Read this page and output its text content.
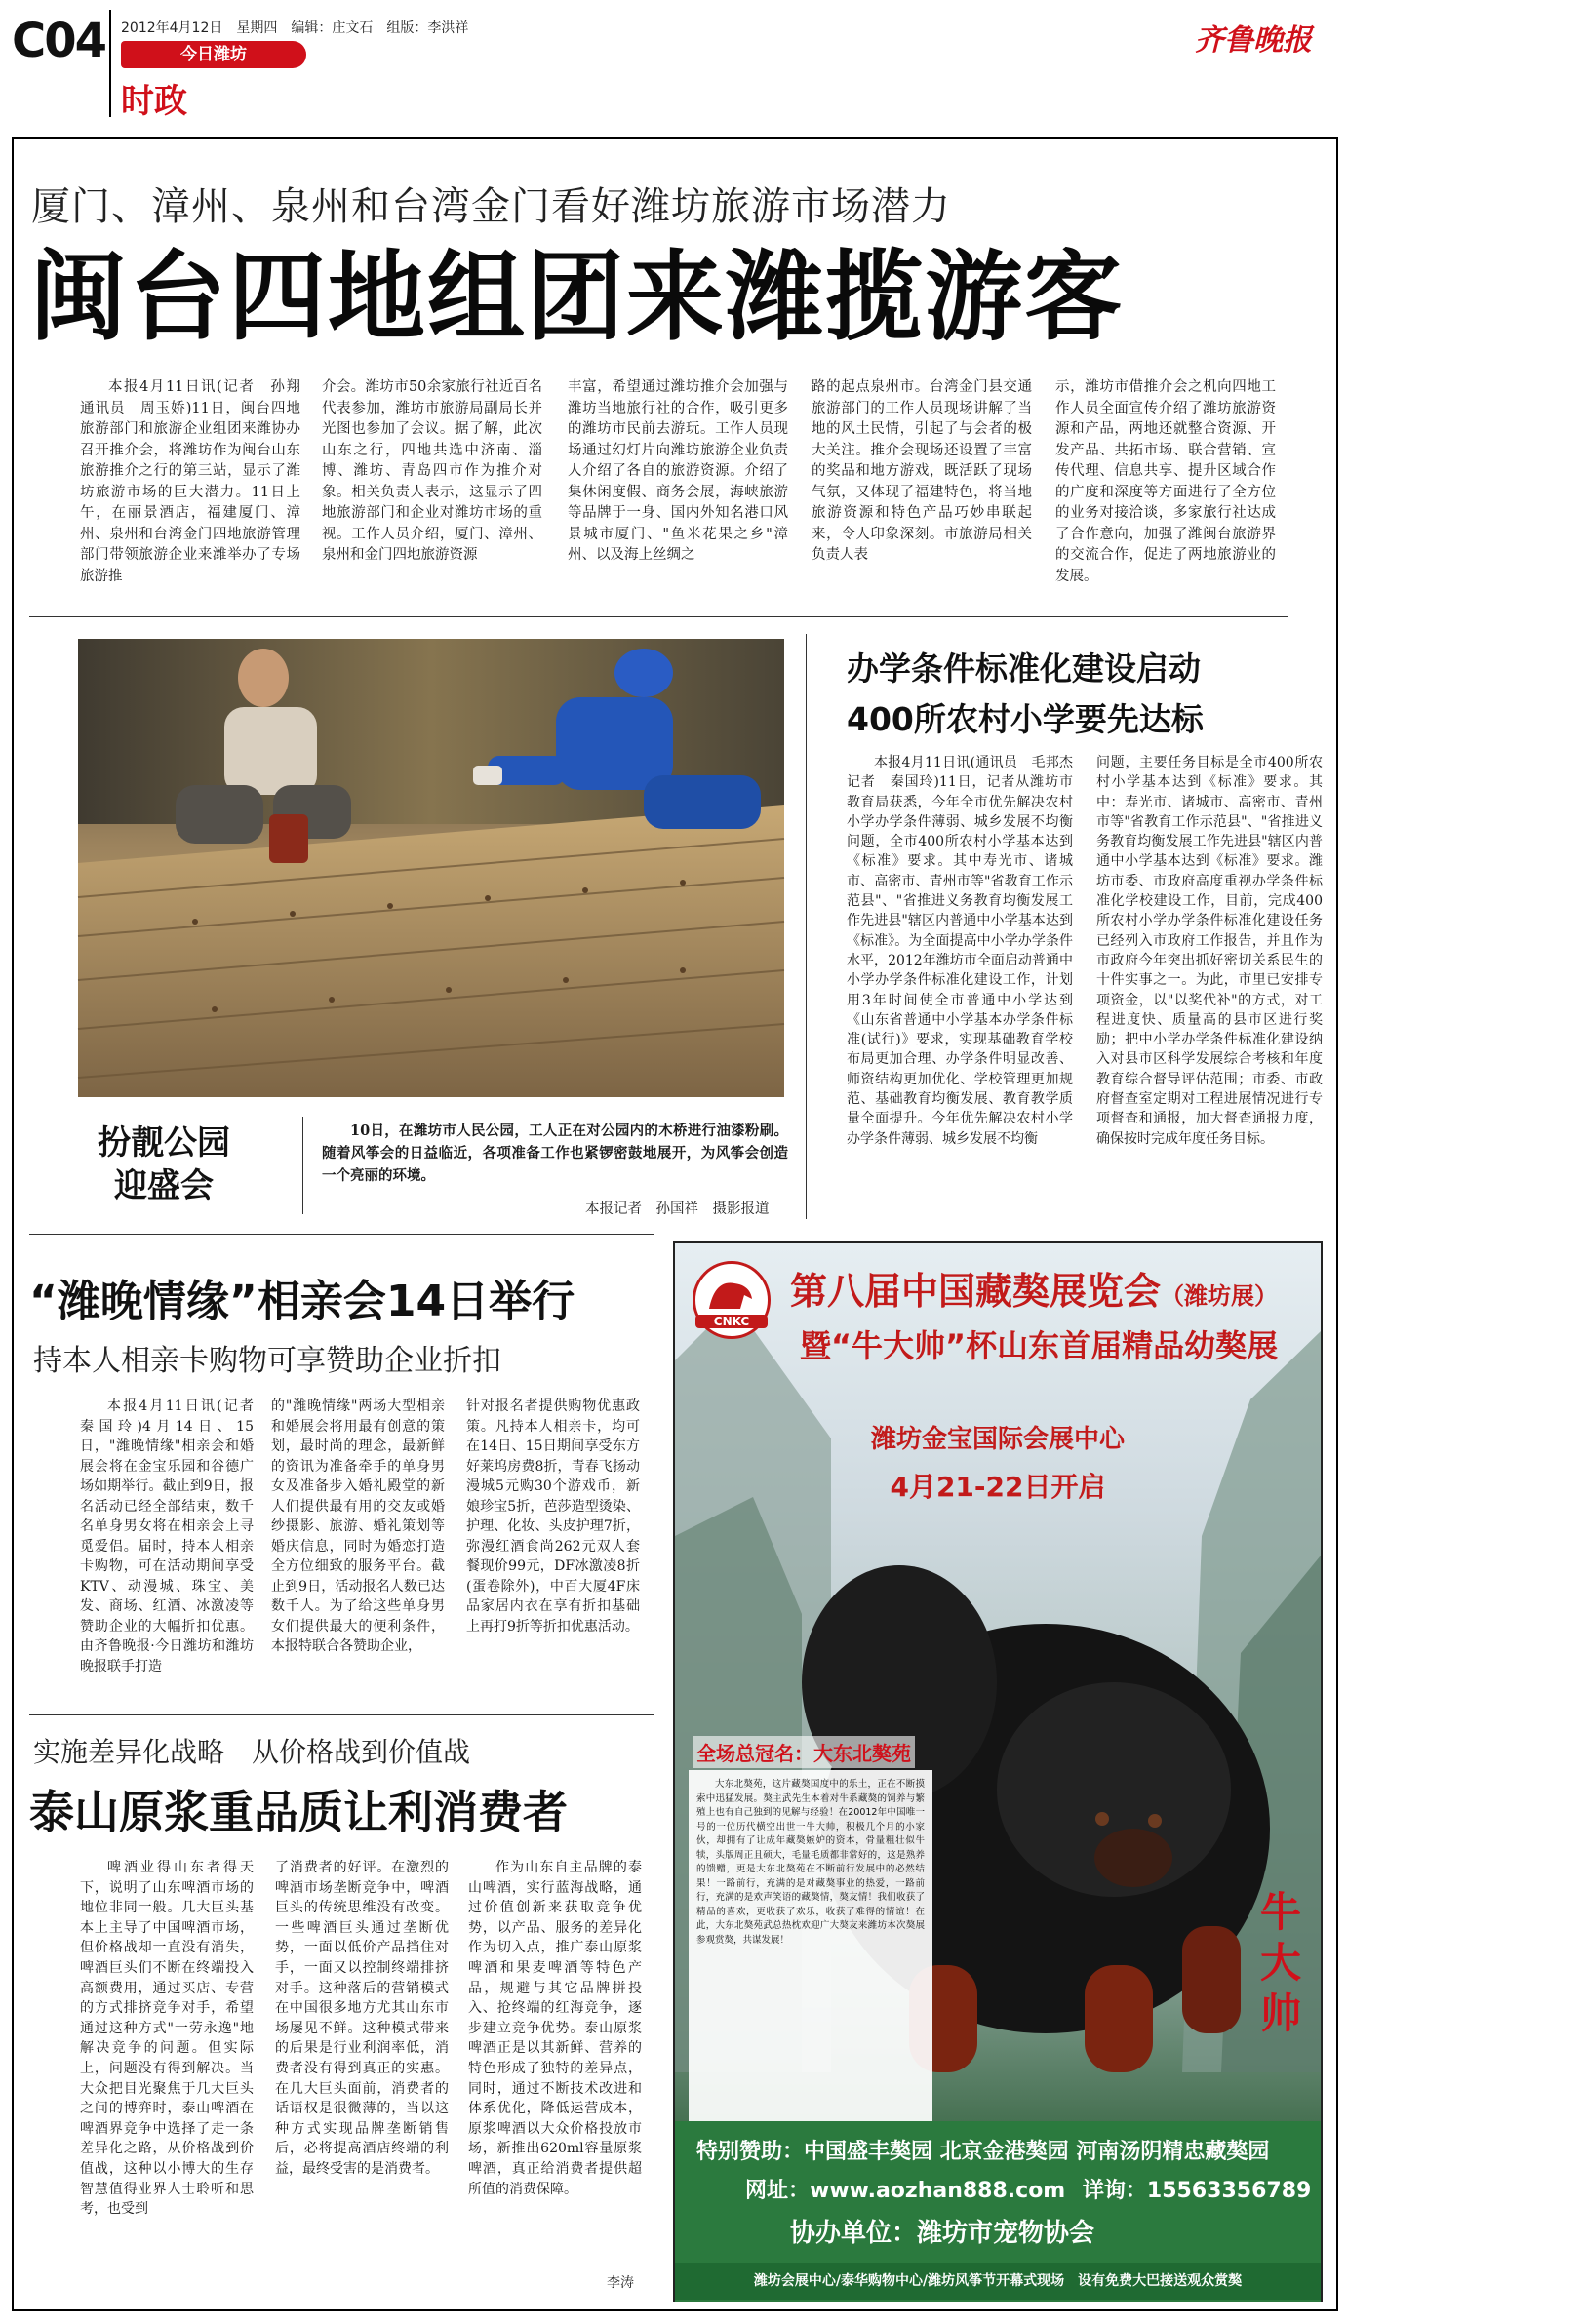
C04 2012年4月12日　星期四　编辑：庄文石　组版：李洪祥
今日潍坊
时政
齐鲁晚报
厦门、漳州、泉州和台湾金门看好潍坊旅游市场潜力
闽台四地组团来潍揽游客
本报4月11日讯(记者　孙翔　通讯员　周玉娇)11日，闽台四地旅游部门和旅游企业组团来潍协办召开推介会，将潍坊作为闽台山东旅游推介之行的第三站，显示了潍坊旅游市场的巨大潜力。11日上午，在丽景酒店，福建厦门、漳州、泉州和台湾金门四地旅游管理部门带领旅游企业来潍举办了专场旅游推
介会。潍坊市50余家旅行社近百名代表参加，潍坊市旅游局副局长并光图也参加了会议。据了解，此次山东之行，四地共选中济南、淄博、潍坊、青岛四市作为推介对象。相关负责人表示，这显示了四地旅游部门和企业对潍坊市场的重视。工作人员介绍，厦门、漳州、泉州和金门四地旅游资源
丰富，希望通过潍坊推介会加强与潍坊当地旅行社的合作，吸引更多的潍坊市民前去游玩。工作人员现场通过幻灯片向潍坊旅游企业负责人介绍了各自的旅游资源。介绍了集休闲度假、商务会展，海峡旅游等品牌于一身、国内外知名港口风景城市厦门、"鱼米花果之乡"漳州、以及海上丝绸之
路的起点泉州市。台湾金门县交通旅游部门的工作人员现场讲解了当地的风土民情，引起了与会者的极大关注。推介会现场还设置了丰富的奖品和地方游戏，既活跃了现场气氛，又体现了福建特色，将当地旅游资源和特色产品巧妙串联起来，令人印象深刻。市旅游局相关负责人表
示，潍坊市借推介会之机向四地工作人员全面宣传介绍了潍坊旅游资源和产品，两地还就整合资源、开发产品、共拓市场、联合营销、宣传代理、信息共享、提升区域合作的广度和深度等方面进行了全方位的业务对接洽谈，多家旅行社达成了合作意向，加强了潍闽台旅游界的交流合作，促进了两地旅游业的发展。
扮靓公园
迎盛会
10日，在潍坊市人民公园，工人正在对公园内的木桥进行油漆粉刷。随着风筝会的日益临近，各项准备工作也紧锣密鼓地展开，为风筝会创造一个亮丽的环境。
本报记者　孙国祥　摄影报道
办学条件标准化建设启动
400所农村小学要先达标
本报4月11日讯(通讯员　毛邦杰　记者　秦国玲)11日，记者从潍坊市教育局获悉，今年全市优先解决农村小学办学条件薄弱、城乡发展不均衡问题，全市400所农村小学基本达到《标准》要求。其中寿光市、诸城市、高密市、青州市等"省教育工作示范县"、"省推进义务教育均衡发展工作先进县"辖区内普通中小学基本达到《标准》。为全面提高中小学办学条件水平，2012年潍坊市全面启动普通中小学办学条件标准化建设工作，计划用3年时间使全市普通中小学达到《山东省普通中小学基本办学条件标准(试行)》要求，实现基础教育学校布局更加合理、办学条件明显改善、师资结构更加优化、学校管理更加规范、基础教育均衡发展、教育教学质量全面提升。今年优先解决农村小学办学条件薄弱、城乡发展不均衡
问题，主要任务目标是全市400所农村小学基本达到《标准》要求。其中：寿光市、诸城市、高密市、青州市等"省教育工作示范县"、"省推进义务教育均衡发展工作先进县"辖区内普通中小学基本达到《标准》要求。潍坊市委、市政府高度重视办学条件标准化学校建设工作，目前，完成400所农村小学办学条件标准化建设任务已经列入市政府工作报告，并且作为市政府今年突出抓好密切关系民生的十件实事之一。为此，市里已安排专项资金，以"以奖代补"的方式，对工程进度快、质量高的县市区进行奖励；把中小学办学条件标准化建设纳入对县市区科学发展综合考核和年度教育综合督导评估范围；市委、市政府督查室定期对工程进展情况进行专项督查和通报，加大督查通报力度，确保按时完成年度任务目标。
“潍晚情缘”相亲会14日举行
持本人相亲卡购物可享赞助企业折扣
本报4月11日讯(记者　秦国玲)4月14日、15日，"潍晚情缘"相亲会和婚展会将在金宝乐园和谷德广场如期举行。截止到9日，报名活动已经全部结束，数千名单身男女将在相亲会上寻觅爱侣。届时，持本人相亲卡购物，可在活动期间享受KTV、动漫城、珠宝、美发、商场、红酒、冰激凌等赞助企业的大幅折扣优惠。由齐鲁晚报·今日潍坊和潍坊晚报联手打造
的"潍晚情缘"两场大型相亲和婚展会将用最有创意的策划，最时尚的理念，最新鲜的资讯为准备牵手的单身男女及准备步入婚礼殿堂的新人们提供最有用的交友或婚纱摄影、旅游、婚礼策划等婚庆信息，同时为婚恋打造全方位细致的服务平台。截止到9日，活动报名人数已达数千人。为了给这些单身男女们提供最大的便利条件，本报特联合各赞助企业，
针对报名者提供购物优惠政策。凡持本人相亲卡，均可在14日、15日期间享受东方好莱坞房费8折，青春飞扬动漫城5元购30个游戏币，新娘珍宝5折，芭莎造型烫染、护理、化妆、头皮护理7折，弥漫红酒食尚262元双人套餐现价99元，DF冰激凌8折(蛋卷除外)，中百大厦4F床品家居内衣在享有折扣基础上再打9折等折扣优惠活动。
实施差异化战略　从价格战到价值战
泰山原浆重品质让利消费者
啤酒业得山东者得天下，说明了山东啤酒市场的地位非同一般。几大巨头基本上主导了中国啤酒市场，但价格战却一直没有消失，啤酒巨头们不断在终端投入高额费用，通过买店、专营的方式排挤竞争对手，希望通过这种方式"一劳永逸"地解决竞争的问题。但实际上，问题没有得到解决。当大众把目光聚焦于几大巨头之间的博弈时，泰山啤酒在啤酒界竞争中选择了走一条差异化之路，从价格战到价值战，这种以小博大的生存智慧值得业界人士聆听和思考，也受到
了消费者的好评。在激烈的啤酒市场垄断竞争中，啤酒巨头的传统思维没有改变。一些啤酒巨头通过垄断优势，一面以低价产品挡住对手，一面又以控制终端排挤对手。这种落后的营销模式在中国很多地方尤其山东市场屡见不鲜。这种模式带来的后果是行业利润率低，消费者没有得到真正的实惠。在几大巨头面前，消费者的话语权是很微薄的，当以这种方式实现品牌垄断销售后，必将提高酒店终端的利益，最终受害的是消费者。
作为山东自主品牌的泰山啤酒，实行蓝海战略，通过价值创新来获取竞争优势，以产品、服务的差异化作为切入点，推广泰山原浆啤酒和果麦啤酒等特色产品，规避与其它品牌拼投入、抢终端的红海竞争，逐步建立竞争优势。泰山原浆啤酒正是以其新鲜、营养的特色形成了独特的差异点，同时，通过不断技术改进和体系优化，降低运营成本，原浆啤酒以大众价格投放市场，新推出620ml容量原浆啤酒，真正给消费者提供超所值的消费保障。
李涛
CNKC
第八届中国藏獒展览会（潍坊展）
暨“牛大帅”杯山东首届精品幼獒展
潍坊金宝国际会展中心
4月21-22日开启
全场总冠名：大东北獒苑
大东北獒苑，这片藏獒国度中的乐土，正在不断摸索中迅猛发展。獒主武先生本着对牛系藏獒的饲养与繁殖上也有自己独到的见解与经验！在20012年中国唯一号的一位历代横空出世一牛大帅，积极几个月的小家伙，却拥有了让成年藏獒嫉妒的资本，骨量粗壮似牛犊，头版周正且硕大，毛量毛质都非常好的，这是熟养的馈赠，更是大东北獒苑在不断前行发展中的必然结果！一路前行，充满的是对藏獒事业的热爱，一路前行，充满的是欢声笑语的藏獒情，獒友情！我们收获了精品的喜欢，更收获了欢乐，收获了难得的情谊！在此，大东北獒苑武总热枕欢迎广大獒友来潍坊本次獒展参观赏獒，共谋发展！
牛大帅
特别赞助：中国盛丰獒园 北京金港獒园 河南汤阴精忠藏獒园
网址：www.aozhan888.com 详询：15563356789
协办单位：潍坊市宠物协会
潍坊会展中心/泰华购物中心/潍坊风筝节开幕式现场　设有免费大巴接送观众赏獒
